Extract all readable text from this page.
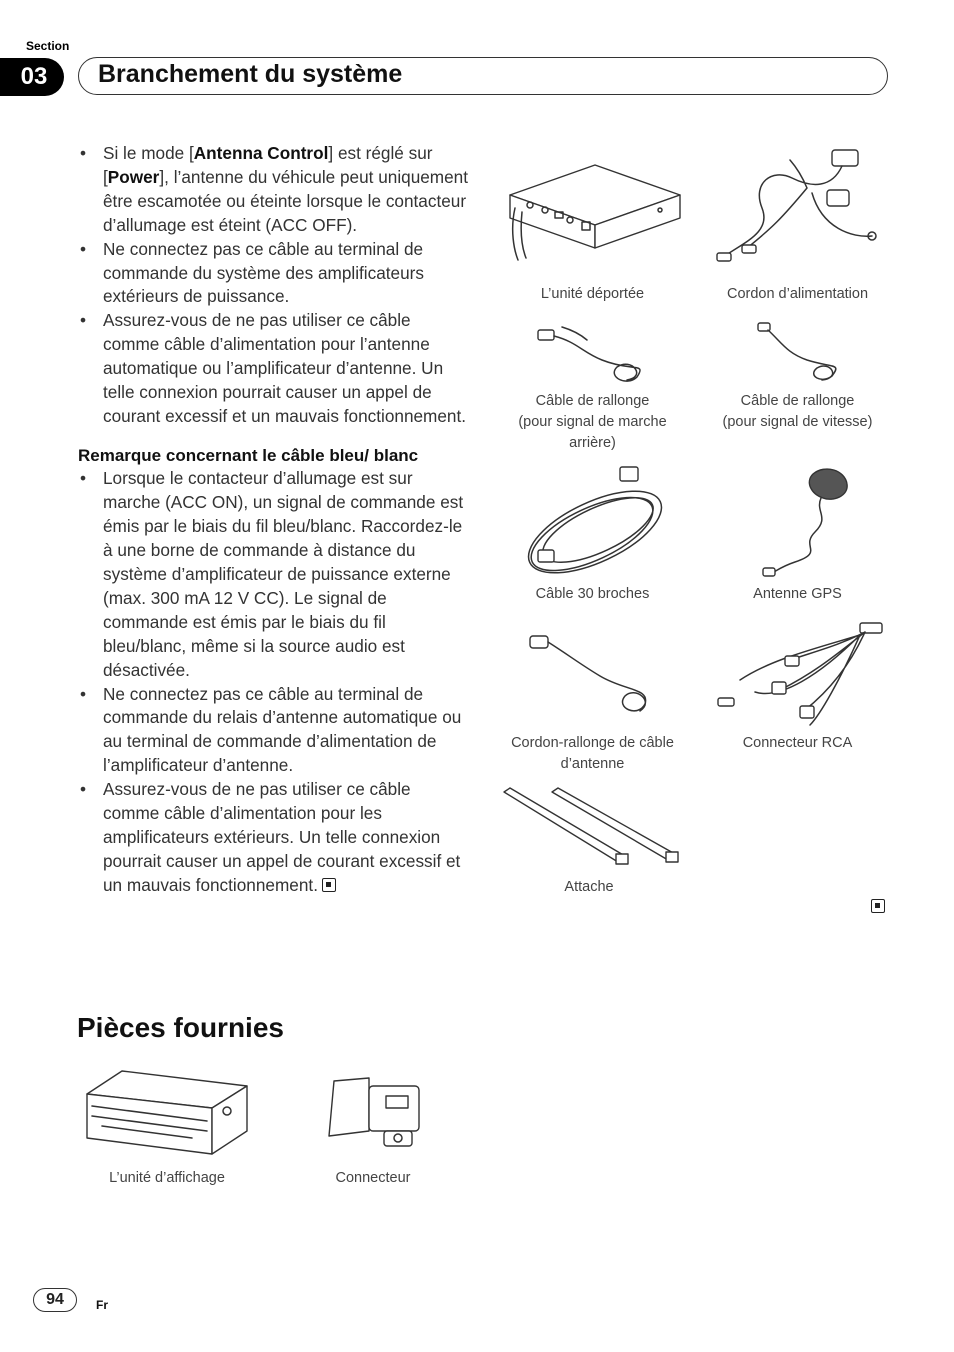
Section
03	Branchement du système
• Si le mode [Antenna Control] est réglé sur [Power], l’antenne du véhicule peut uniquement être escamotée ou éteinte lorsque le contacteur d’allumage est éteint (ACC OFF).
• Ne connectez pas ce câble au terminal de commande du système des amplificateurs extérieurs de puissance.
• Assurez-vous de ne pas utiliser ce câble comme câble d’alimentation pour l’antenne automatique ou l’amplificateur d’antenne. Un telle connexion pourrait causer un appel de courant excessif et un mauvais fonctionnement.
Remarque concernant le câble bleu/ blanc
• Lorsque le contacteur d’allumage est sur marche (ACC ON), un signal de commande est émis par le biais du fil bleu/blanc. Raccordez-le à une borne de commande à distance du système d’amplificateur de puissance externe (max. 300 mA 12 V CC). Le signal de commande est émis par le biais du fil bleu/blanc, même si la source audio est désactivée.
• Ne connectez pas ce câble au terminal de commande du relais d’antenne automatique ou au terminal de commande d’alimentation de l’amplificateur d’antenne.
• Assurez-vous de ne pas utiliser ce câble comme câble d’alimentation pour les amplificateurs extérieurs. Un telle connexion pourrait causer un appel de courant excessif et un mauvais fonctionnement.
L’unité déportée	Cordon d’alimentation
Câble de rallonge
(pour signal de marche
arrière)
Câble de rallonge
(pour signal de vitesse)
Câble 30 broches	Antenne GPS
Cordon-rallonge de câble
d’antenne
Connecteur RCA
Attache
Pièces fournies
L’unité d’affichage	Connecteur
94	Fr
